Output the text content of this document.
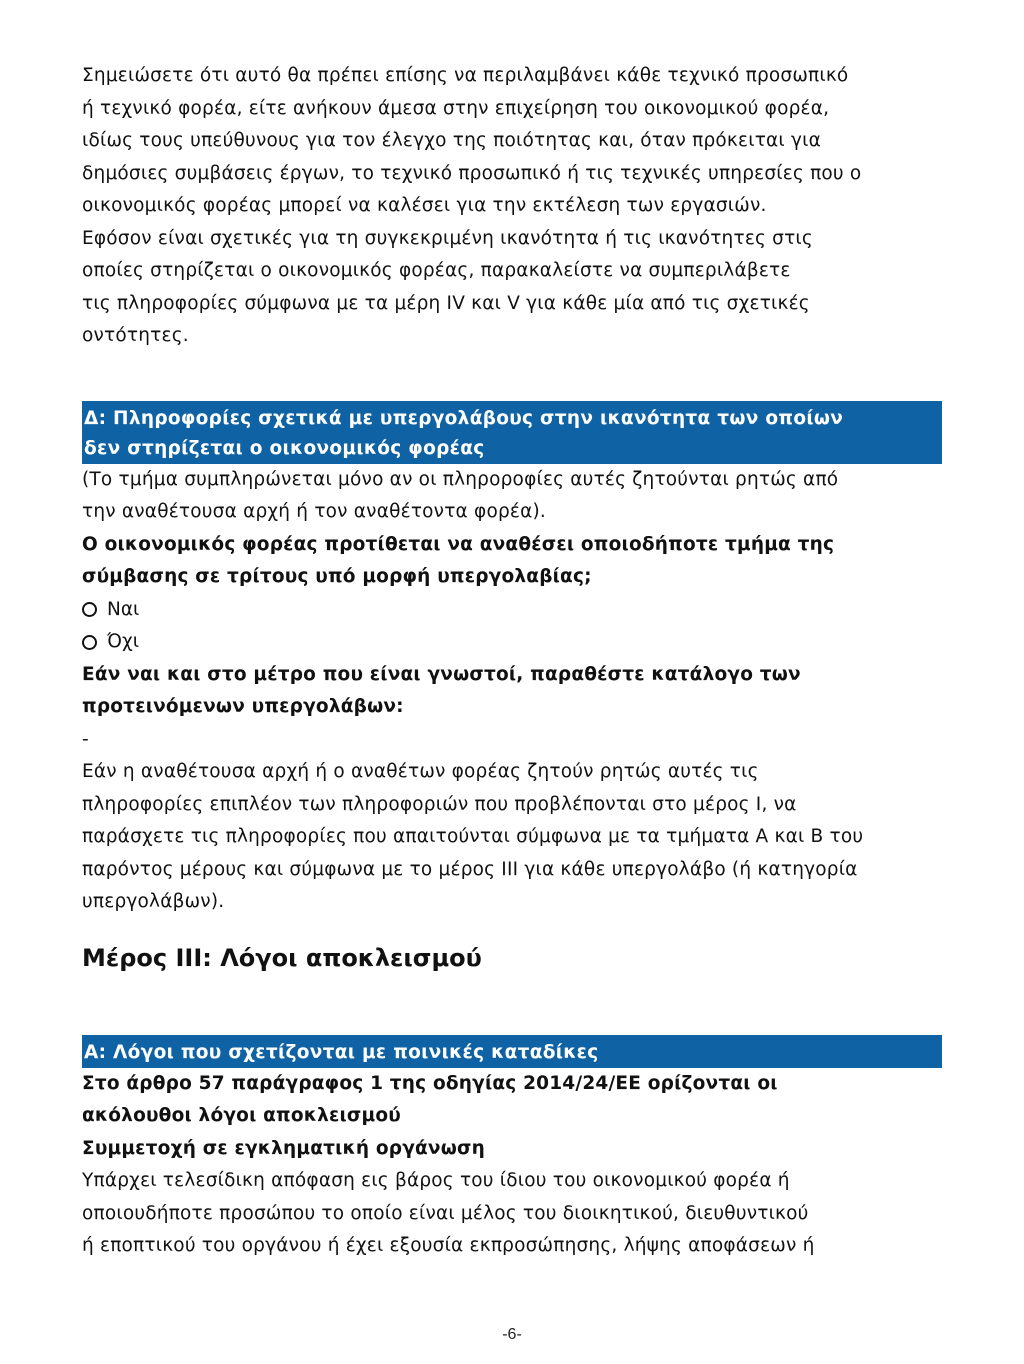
Σημειώσετε ότι αυτό θα πρέπει επίσης να περιλαμβάνει κάθε τεχνικό προσωπικό

ή τεχνικό φορέα, είτε ανήκουν άμεσα στην επιχείρηση του οικονομικού φορέα,

ιδίως τους υπεύθυνους για τον έλεγχο της ποιότητας και, όταν πρόκειται για

δημόσιες συμβάσεις έργων, το τεχνικό προσωπικό ή τις τεχνικές υπηρεσίες που ο

οικονομικός φορέας μπορεί να καλέσει για την εκτέλεση των εργασιών.

Εφόσον είναι σχετικές για τη συγκεκριμένη ικανότητα ή τις ικανότητες στις

οποίες στηρίζεται ο οικονομικός φορέας, παρακαλείστε να συμπεριλάβετε

τις πληροφορίες σύμφωνα με τα μέρη IV και V για κάθε μία από τις σχετικές

οντότητες.

Δ: Πληροφορίες σχετικά με υπεργολάβους στην ικανότητα των οποίων
δεν στηρίζεται ο οικονομικός φορέας

(Το τμήμα συμπληρώνεται μόνο αν οι πληροροφίες αυτές ζητούνται ρητώς από

την αναθέτουσα αρχή ή τον αναθέτοντα φορέα).

Ο οικονομικός φορέας προτίθεται να αναθέσει οποιοδήποτε τμήμα της

σύμβασης σε τρίτους υπό μορφή υπεργολαβίας;

Ναι
Όχι

Εάν ναι και στο μέτρο που είναι γνωστοί, παραθέστε κατάλογο των

προτεινόμενων υπεργολάβων:

-

Εάν η αναθέτουσα αρχή ή ο αναθέτων φορέας ζητούν ρητώς αυτές τις

πληροφορίες επιπλέον των πληροφοριών που προβλέπονται στο μέρος Ι, να

παράσχετε τις πληροφορίες που απαιτούνται σύμφωνα με τα τμήματα Α και Β του

παρόντος μέρους και σύμφωνα με το μέρος ΙΙΙ για κάθε υπεργολάβο (ή κατηγορία

υπεργολάβων).

Μέρος ΙΙΙ: Λόγοι αποκλεισμού
Α: Λόγοι που σχετίζονται με ποινικές καταδίκες

Στο άρθρο 57 παράγραφος 1 της οδηγίας 2014/24/ΕΕ ορίζονται οι

ακόλουθοι λόγοι αποκλεισμού

Συμμετοχή σε εγκληματική οργάνωση

Υπάρχει τελεσίδικη απόφαση εις βάρος του ίδιου του οικονομικού φορέα ή

οποιουδήποτε προσώπου το οποίο είναι μέλος του διοικητικού, διευθυντικού

ή εποπτικού του οργάνου ή έχει εξουσία εκπροσώπησης, λήψης αποφάσεων ή

-6-
